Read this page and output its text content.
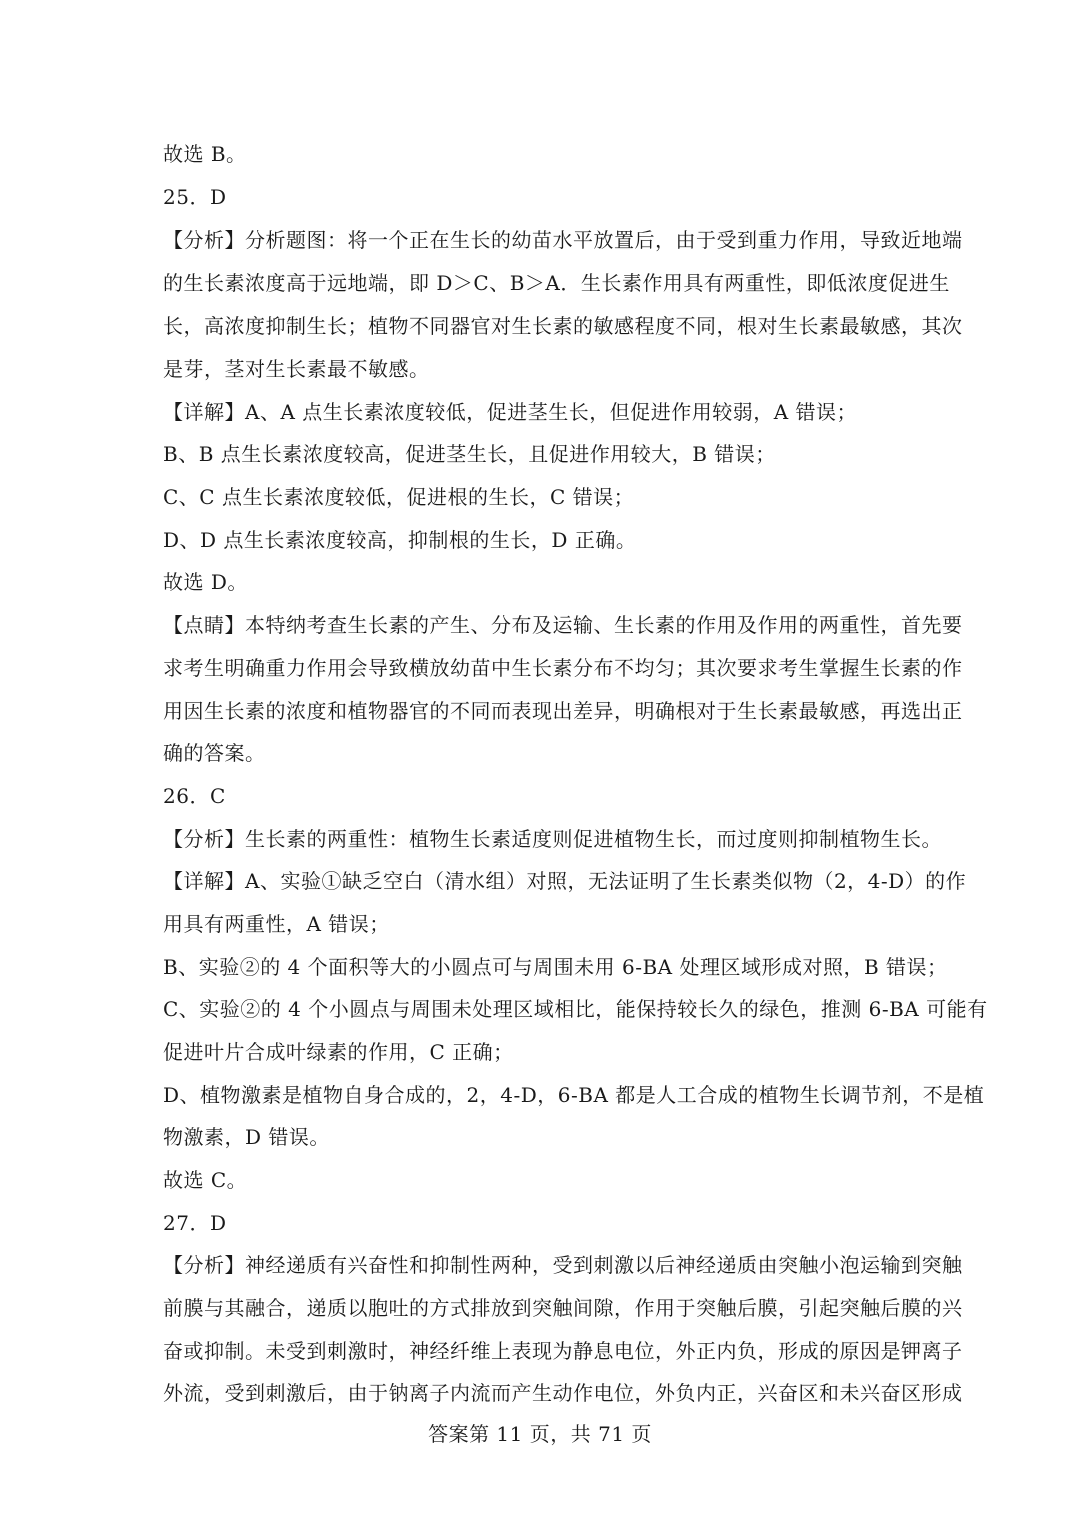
故选 B。
25．D
【分析】分析题图：将一个正在生长的幼苗水平放置后，由于受到重力作用，导致近地端
的生长素浓度高于远地端，即 D＞C、B＞A．生长素作用具有两重性，即低浓度促进生
长，高浓度抑制生长；植物不同器官对生长素的敏感程度不同，根对生长素最敏感，其次
是芽，茎对生长素最不敏感。
【详解】A、A 点生长素浓度较低，促进茎生长，但促进作用较弱，A 错误；
B、B 点生长素浓度较高，促进茎生长，且促进作用较大，B 错误；
C、C 点生长素浓度较低，促进根的生长，C 错误；
D、D 点生长素浓度较高，抑制根的生长，D 正确。
故选 D。
【点睛】本特纳考查生长素的产生、分布及运输、生长素的作用及作用的两重性，首先要
求考生明确重力作用会导致横放幼苗中生长素分布不均匀；其次要求考生掌握生长素的作
用因生长素的浓度和植物器官的不同而表现出差异，明确根对于生长素最敏感，再选出正
确的答案。
26．C
【分析】生长素的两重性：植物生长素适度则促进植物生长，而过度则抑制植物生长。
【详解】A、实验①缺乏空白（清水组）对照，无法证明了生长素类似物（2，4-D）的作
用具有两重性，A 错误；
B、实验②的 4 个面积等大的小圆点可与周围未用 6-BA 处理区域形成对照，B 错误；
C、实验②的 4 个小圆点与周围未处理区域相比，能保持较长久的绿色，推测 6-BA 可能有
促进叶片合成叶绿素的作用，C 正确；
D、植物激素是植物自身合成的，2，4-D，6-BA 都是人工合成的植物生长调节剂，不是植
物激素，D 错误。
故选 C。
27．D
【分析】神经递质有兴奋性和抑制性两种，受到刺激以后神经递质由突触小泡运输到突触
前膜与其融合，递质以胞吐的方式排放到突触间隙，作用于突触后膜，引起突触后膜的兴
奋或抑制。未受到刺激时，神经纤维上表现为静息电位，外正内负，形成的原因是钾离子
外流，受到刺激后，由于钠离子内流而产生动作电位，外负内正，兴奋区和未兴奋区形成
答案第 11 页，共 71 页
